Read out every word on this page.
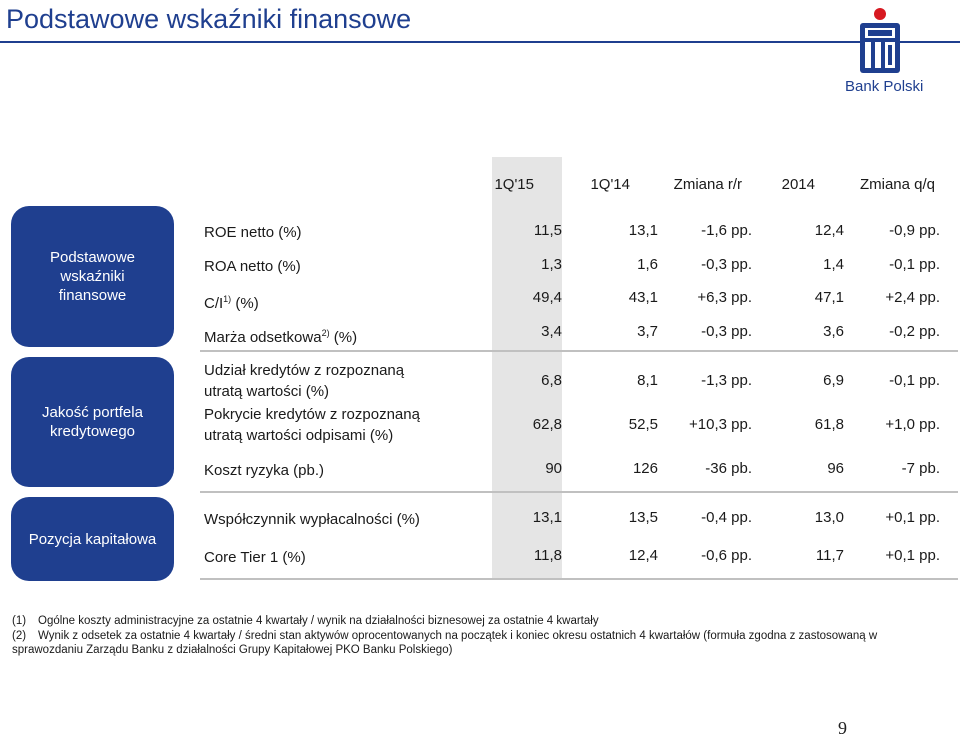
Podstawowe wskaźniki finansowe
Bank Polski
1Q'15	1Q'14	Zmiana r/r	2014	Zmiana q/q
Podstawowe wskaźniki finansowe
Jakość portfela kredytowego
Pozycja kapitałowa
ROE netto (%)	11,5	13,1	-1,6 pp.	12,4	-0,9 pp.
ROA netto (%)	1,3	1,6	-0,3 pp.	1,4	-0,1 pp.
$C/I^{1)}$ (%)	49,4	43,1	+6,3 pp.	47,1	+2,4 pp.
Marża odsetkowa$^{2)}$ (%)	3,4	3,7	-0,3 pp.	3,6	-0,2 pp.
Udział kredytów z rozpoznaną
utratą wartości (%)
6,8	8,1	-1,3 pp.	6,9	-0,1 pp.
Pokrycie kredytów z rozpoznaną
utratą wartości odpisami (%)
62,8	52,5 +10,3 pp.	61,8	+1,0 pp.
Koszt ryzyka (pb.)	90	126	-36 pb.	96	-7 pb.
Współczynnik wypłacalności (%)	13,1	13,5	-0,4 pp.	13,0	+0,1 pp.
Core Tier 1 (%)	11,8	12,4	-0,6 pp.	11,7	+0,1 pp.
(1) Ogólne koszty administracyjne za ostatnie 4 kwartały / wynik na działalności biznesowej za ostatnie 4 kwartały
(2) Wynik z odsetek za ostatnie 4 kwartały / średni stan aktywów oprocentowanych na początek i koniec okresu ostatnich 4 kwartałów (formuła zgodna z zastosowaną w
sprawozdaniu Zarządu Banku z działalności Grupy Kapitałowej PKO Banku Polskiego)
9
